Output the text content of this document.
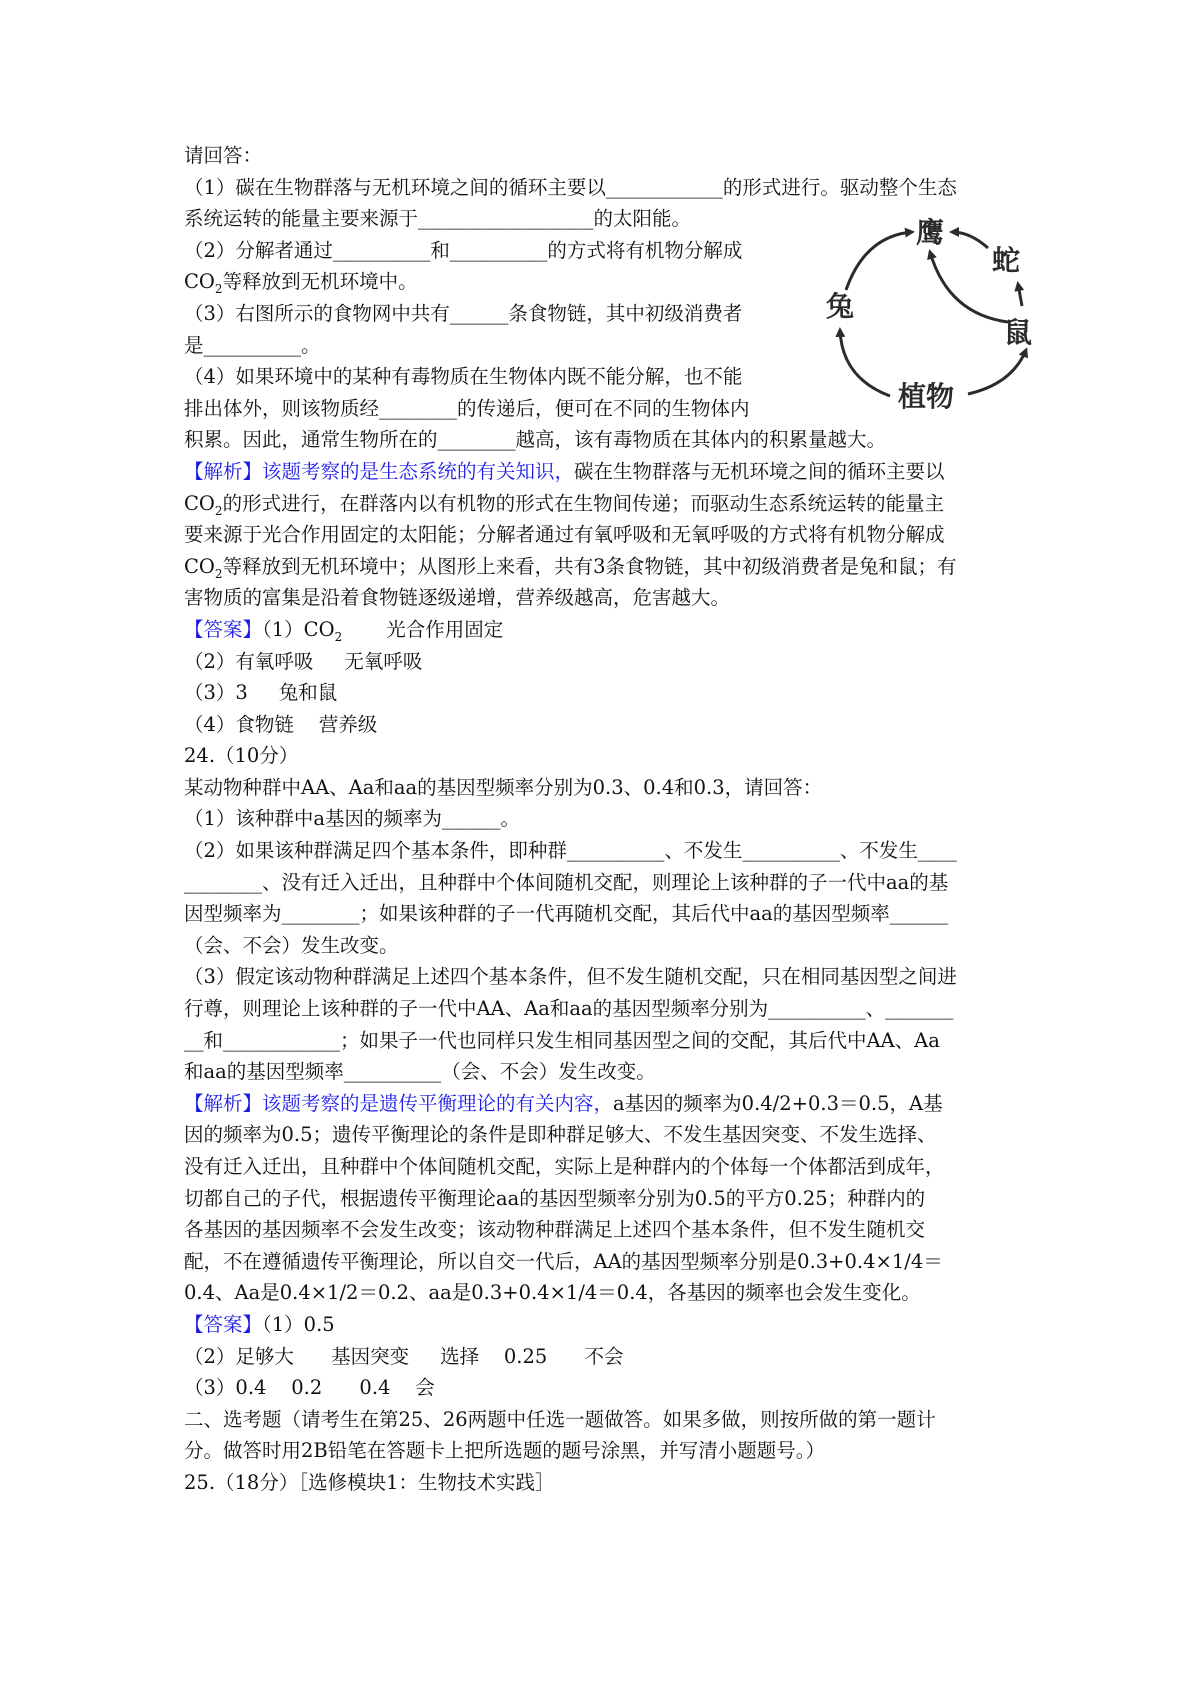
请回答：
（1）碳在生物群落与无机环境之间的循环主要以____________的形式进行。驱动整个生态
系统运转的能量主要来源于__________________的太阳能。
（2）分解者通过__________和__________的方式将有机物分解成
$CO_2$等释放到无机环境中。
（3）右图所示的食物网中共有______条食物链，其中初级消费者
是__________。
（4）如果环境中的某种有毒物质在生物体内既不能分解，也不能
排出体外，则该物质经________的传递后，便可在不同的生物体内
积累。因此，通常生物所在的________越高，该有毒物质在其体内的积累量越大。
【解析】该题考察的是生态系统的有关知识，碳在生物群落与无机环境之间的循环主要以
$CO_2$的形式进行，在群落内以有机物的形式在生物间传递；而驱动生态系统运转的能量主
要来源于光合作用固定的太阳能；分解者通过有氧呼吸和无氧呼吸的方式将有机物分解成
$CO_2$等释放到无机环境中；从图形上来看，共有3条食物链，其中初级消费者是兔和鼠；有
害物质的富集是沿着食物链逐级递增，营养级越高，危害越大。
【答案】$(1)CO_2$ 光合作用固定
（2）有氧呼吸     无氧呼吸
（3）3     兔和鼠
（4）食物链    营养级
24.（10分）
某动物种群中AA、Aa和aa的基因型频率分别为0.3、0.4和0.3，请回答：
（1）该种群中a基因的频率为______。
（2）如果该种群满足四个基本条件，即种群__________、不发生__________、不发生____
________、没有迁入迁出，且种群中个体间随机交配，则理论上该种群的子一代中aa的基
因型频率为________；如果该种群的子一代再随机交配，其后代中aa的基因型频率______
（会、不会）发生改变。
（3）假定该动物种群满足上述四个基本条件，但不发生随机交配，只在相同基因型之间进
行尊，则理论上该种群的子一代中AA、Aa和aa的基因型频率分别为__________、_______
__和____________；如果子一代也同样只发生相同基因型之间的交配，其后代中AA、Aa
和aa的基因型频率__________（会、不会）发生改变。
【解析】该题考察的是遗传平衡理论的有关内容，a基因的频率为0.4/2+0.3＝0.5，A基
因的频率为0.5；遗传平衡理论的条件是即种群足够大、不发生基因突变、不发生选择、
没有迁入迁出，且种群中个体间随机交配，实际上是种群内的个体每一个体都活到成年，
切都自己的子代，根据遗传平衡理论aa的基因型频率分别为0.5的平方0.25；种群内的
各基因的基因频率不会发生改变；该动物种群满足上述四个基本条件，但不发生随机交
配，不在遵循遗传平衡理论，所以自交一代后，AA的基因型频率分别是0.3+0.4×1/4＝
0.4、Aa是0.4×1/2＝0.2、aa是0.3+0.4×1/4＝0.4，各基因的频率也会发生变化。
【答案】（1）0.5
（2）足够大      基因突变     选择    0.25      不会
（3）0.4    0.2      0.4    会
二、选考题（请考生在第25、26两题中任选一题做答。如果多做，则按所做的第一题计
分。做答时用2B铅笔在答题卡上把所选题的题号涂黑，并写清小题题号。）
25.（18分）［选修模块1：生物技术实践］
鹰
蛇
兔
鼠
植物
